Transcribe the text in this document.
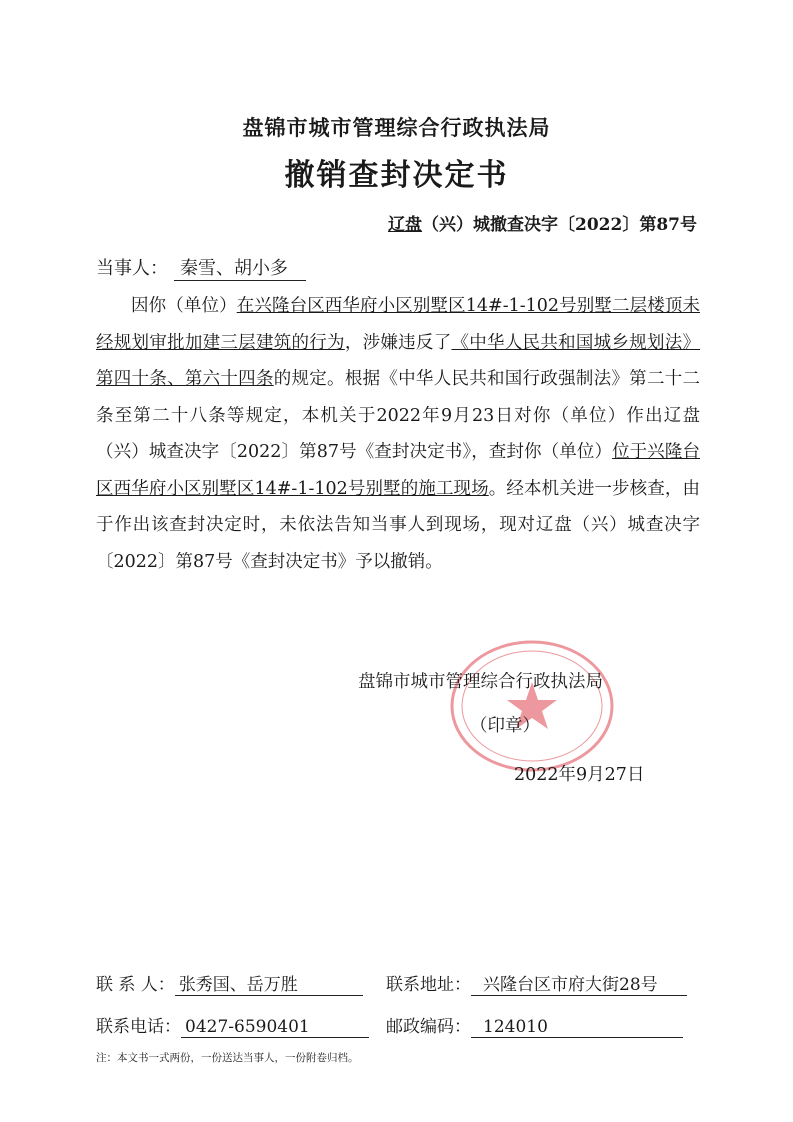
盘锦市城市管理综合行政执法局
撤销查封决定书
辽盘（兴）城撤查决字〔2022〕第87号
当事人： 秦雪、胡小多
因你（单位）在兴隆台区西华府小区别墅区14#-1-102号别墅二层楼顶未经规划审批加建三层建筑的行为，涉嫌违反了《中华人民共和国城乡规划法》第四十条、第六十四条的规定。根据《中华人民共和国行政强制法》第二十二条至第二十八条等规定，本机关于2022年9月23日对你（单位）作出辽盘（兴）城查决字〔2022〕第87号《查封决定书》，查封你（单位）位于兴隆台区西华府小区别墅区14#-1-102号别墅的施工现场。经本机关进一步核查，由于作出该查封决定时，未依法告知当事人到现场，现对辽盘（兴）城查决字〔2022〕第87号《查封决定书》予以撤销。
盘锦市城市管理综合行政执法局
（印章）
2022年9月27日
联 系 人： 张秀国、岳万胜	联系地址： 兴隆台区市府大街28号
联系电话： 0427-6590401	邮政编码： 124010
注：本文书一式两份，一份送达当事人，一份附卷归档。
